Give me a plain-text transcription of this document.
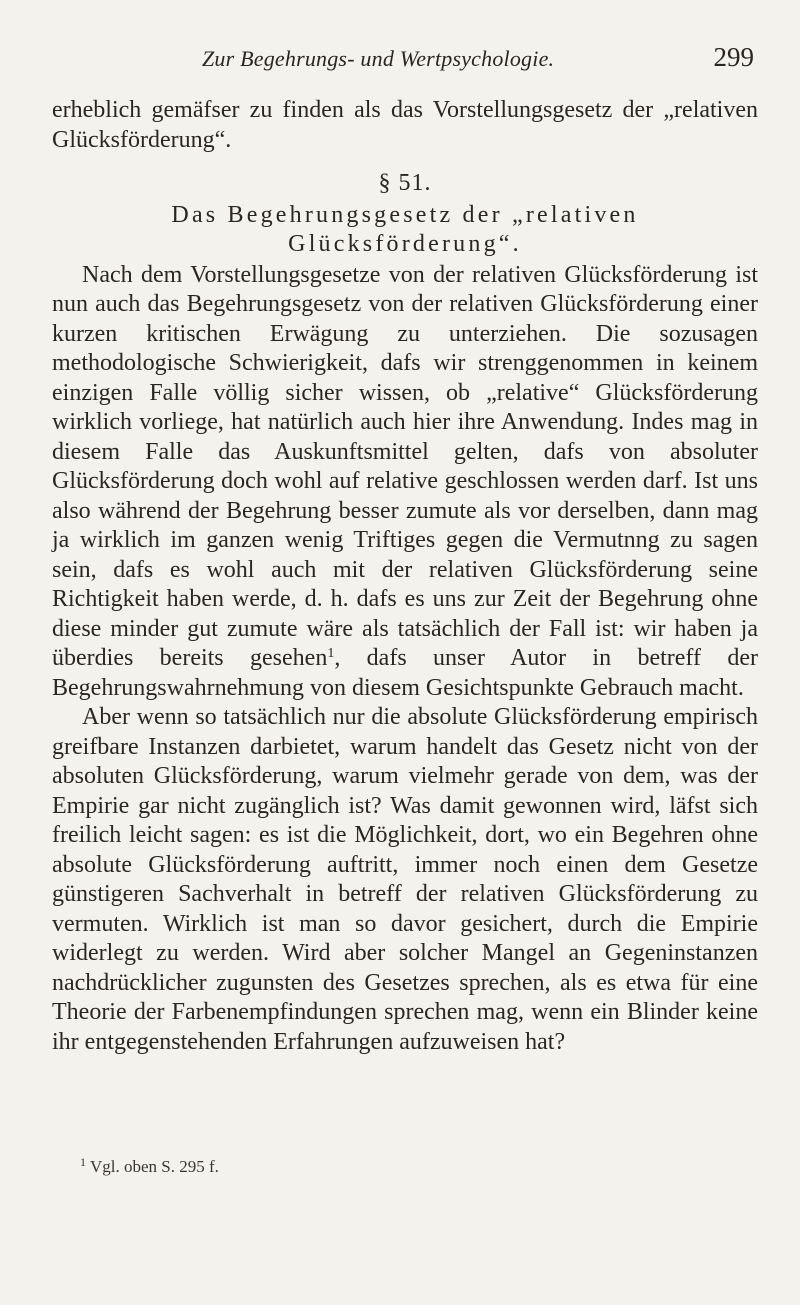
Zur Begehrungs- und Wertpsychologie.	299

erheblich gemäfser zu finden als das Vorstellungsgesetz der „relativen Glücksförderung“.

§ 51.
Das Begehrungsgesetz der „relativen Glücksförderung“.

Nach dem Vorstellungsgesetze von der relativen Glücksförderung ist nun auch das Begehrungsgesetz von der relativen Glücksförderung einer kurzen kritischen Erwägung zu unterziehen. Die sozusagen methodologische Schwierigkeit, dafs wir strenggenommen in keinem einzigen Falle völlig sicher wissen, ob „relative“ Glücksförderung wirklich vorliege, hat natürlich auch hier ihre Anwendung. Indes mag in diesem Falle das Auskunftsmittel gelten, dafs von absoluter Glücksförderung doch wohl auf relative geschlossen werden darf. Ist uns also während der Begehrung besser zumute als vor derselben, dann mag ja wirklich im ganzen wenig Triftiges gegen die Vermutnng zu sagen sein, dafs es wohl auch mit der relativen Glücksförderung seine Richtigkeit haben werde, d. h. dafs es uns zur Zeit der Begehrung ohne diese minder gut zumute wäre als tatsächlich der Fall ist: wir haben ja überdies bereits gesehen$^1$, dafs unser Autor in betreff der Begehrungswahrnehmung von diesem Gesichtspunkte Gebrauch macht.

Aber wenn so tatsächlich nur die absolute Glücksförderung empirisch greifbare Instanzen darbietet, warum handelt das Gesetz nicht von der absoluten Glücksförderung, warum vielmehr gerade von dem, was der Empirie gar nicht zugänglich ist? Was damit gewonnen wird, läfst sich freilich leicht sagen: es ist die Möglichkeit, dort, wo ein Begehren ohne absolute Glücksförderung auftritt, immer noch einen dem Gesetze günstigeren Sachverhalt in betreff der relativen Glücksförderung zu vermuten. Wirklich ist man so davor gesichert, durch die Empirie widerlegt zu werden. Wird aber solcher Mangel an Gegeninstanzen nachdrücklicher zugunsten des Gesetzes sprechen, als es etwa für eine Theorie der Farbenempfindungen sprechen mag, wenn ein Blinder keine ihr entgegenstehenden Erfahrungen aufzuweisen hat?

$^1$ Vgl. oben S. 295 f.
